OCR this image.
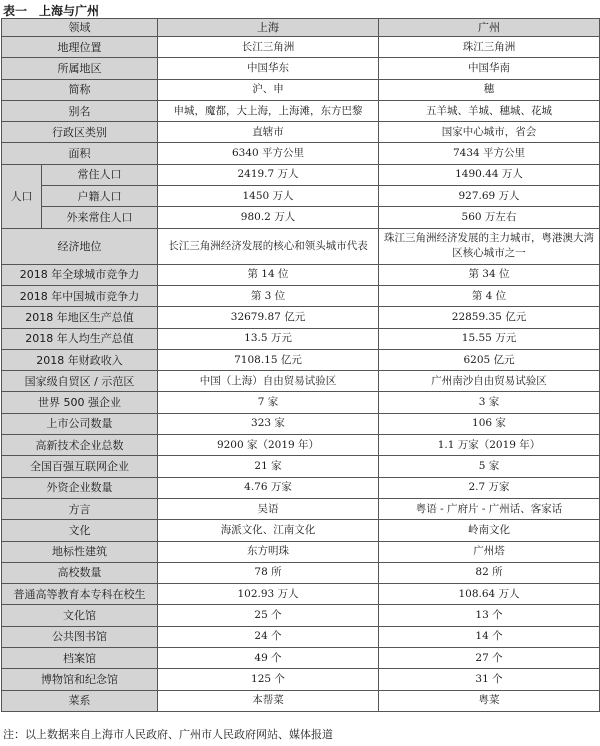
表一　上海与广州
领域		上海	广州
地理位置		长江三角洲	珠江三角洲
所属地区		中国华东	中国华南
简称		沪、申	穗
别名		申城，魔都，大上海，上海滩，东方巴黎	五羊城、羊城、穗城、花城
行政区类别		直辖市	国家中心城市，省会
面积		6340 平方公里	7434 平方公里
人口	常住人口	2419.7 万人	1490.44 万人
	户籍人口	1450 万人	927.69 万人
	外来常住人口	980.2 万人	560 万左右
经济地位		长江三角洲经济发展的核心和领头城市代表	珠江三角洲经济发展的主力城市，粤港澳大湾区核心城市之一
2018 年全球城市竞争力		第 14 位	第 34 位
2018 年中国城市竞争力		第 3 位	第 4 位
2018 年地区生产总值		32679.87 亿元	22859.35 亿元
2018 年人均生产总值		13.5 万元	15.55 万元
2018 年财政收入		7108.15 亿元	6205 亿元
国家级自贸区 / 示范区		中国（上海）自由贸易试验区	广州南沙自由贸易试验区
世界 500 强企业		7 家	3 家
上市公司数量		323 家	106 家
高新技术企业总数		9200 家（2019 年）	1.1 万家（2019 年）
全国百强互联网企业		21 家	5 家
外资企业数量		4.76 万家	2.7 万家
方言		吴语	粤语 - 广府片 - 广州话、客家话
文化		海派文化、江南文化	岭南文化
地标性建筑		东方明珠	广州塔
高校数量		78 所	82 所
普通高等教育本专科在校生		102.93 万人	108.64 万人
文化馆		25 个	13 个
公共图书馆		24 个	14 个
档案馆		49 个	27 个
博物馆和纪念馆		125 个	31 个
菜系		本帮菜	粤菜
注：以上数据来自上海市人民政府、广州市人民政府网站、媒体报道
